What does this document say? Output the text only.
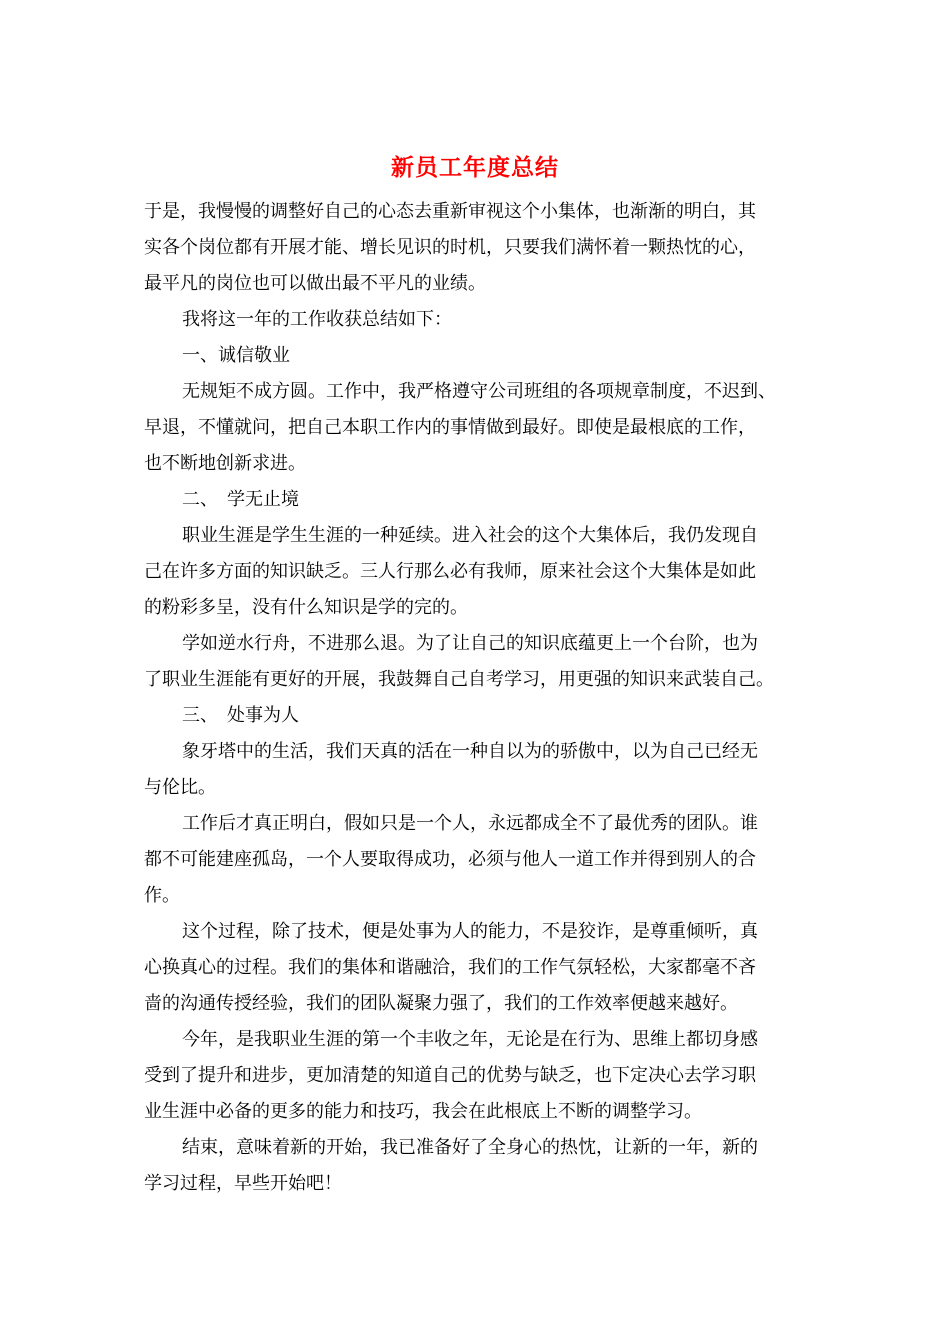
新员工年度总结
于是，我慢慢的调整好自己的心态去重新审视这个小集体，也渐渐的明白，其
实各个岗位都有开展才能、增长见识的时机，只要我们满怀着一颗热忱的心，
最平凡的岗位也可以做出最不平凡的业绩。
我将这一年的工作收获总结如下：
一、诚信敬业
无规矩不成方圆。工作中，我严格遵守公司班组的各项规章制度，不迟到、
早退，不懂就问，把自己本职工作内的事情做到最好。即使是最根底的工作，
也不断地创新求进。
二、　学无止境
职业生涯是学生生涯的一种延续。进入社会的这个大集体后，我仍发现自
己在许多方面的知识缺乏。三人行那么必有我师，原来社会这个大集体是如此
的粉彩多呈，没有什么知识是学的完的。
学如逆水行舟，不进那么退。为了让自己的知识底蕴更上一个台阶，也为
了职业生涯能有更好的开展，我鼓舞自己自考学习，用更强的知识来武装自己。
三、　处事为人
象牙塔中的生活，我们天真的活在一种自以为的骄傲中，以为自己已经无
与伦比。
工作后才真正明白，假如只是一个人，永远都成全不了最优秀的团队。谁
都不可能建座孤岛，一个人要取得成功，必须与他人一道工作并得到别人的合
作。
这个过程，除了技术，便是处事为人的能力，不是狡诈，是尊重倾听，真
心换真心的过程。我们的集体和谐融洽，我们的工作气氛轻松，大家都毫不吝
啬的沟通传授经验，我们的团队凝聚力强了，我们的工作效率便越来越好。
今年，是我职业生涯的第一个丰收之年，无论是在行为、思维上都切身感
受到了提升和进步，更加清楚的知道自己的优势与缺乏，也下定决心去学习职
业生涯中必备的更多的能力和技巧，我会在此根底上不断的调整学习。
结束，意味着新的开始，我已准备好了全身心的热忱，让新的一年，新的
学习过程，早些开始吧！
